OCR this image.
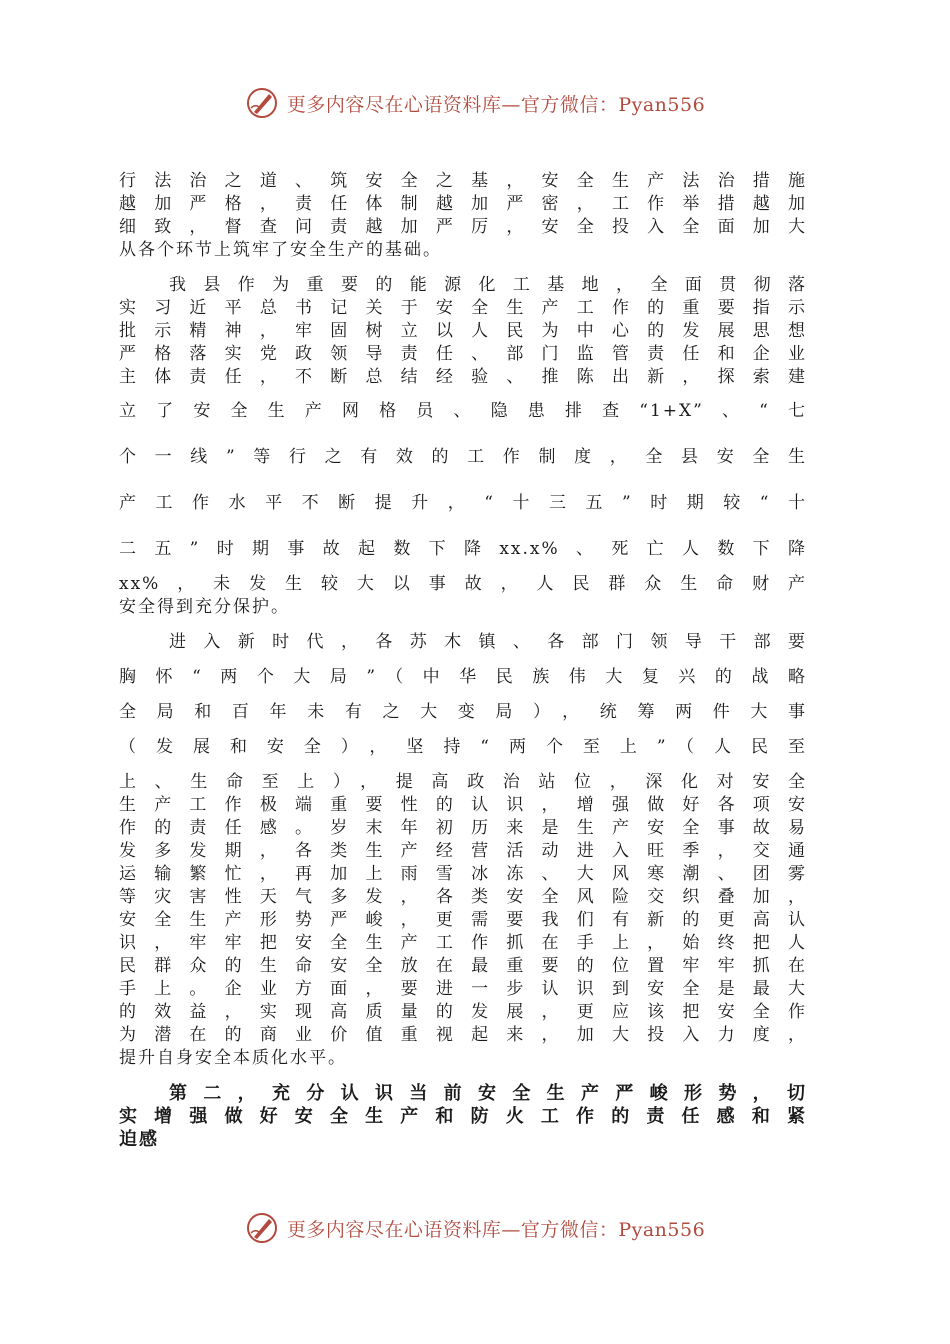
更多内容尽在心语资料库—官方微信：Pyan556
行法治之道、筑安全之基，安全生产法治措施
越加严格，责任体制越加严密，工作举措越加
细致，督查问责越加严厉，安全投入全面加大
从各个环节上筑牢了安全生产的基础。
我县作为重要的能源化工基地，全面贯彻落
实习近平总书记关于安全生产工作的重要指示
批示精神，牢固树立以人民为中心的发展思想
严格落实党政领导责任、部门监管责任和企业
主体责任，不断总结经验、推陈出新，探索建
立了安全生产网格员、隐患排查“1+X”、“七
个一线”等行之有效的工作制度，全县安全生
产工作水平不断提升，“十三五”时期较“十
二五”时期事故起数下降xx.x%、死亡人数下降
xx%，未发生较大以事故，人民群众生命财产
安全得到充分保护。
进入新时代，各苏木镇、各部门领导干部要
胸怀“两个大局”（中华民族伟大复兴的战略
全局和百年未有之大变局），统筹两件大事
（发展和安全），坚持“两个至上”（人民至
上、生命至上），提高政治站位，深化对安全
生产工作极端重要性的认识，增强做好各项安
作的责任感。岁末年初历来是生产安全事故易
发多发期，各类生产经营活动进入旺季，交通
运输繁忙，再加上雨雪冰冻、大风寒潮、团雾
等灾害性天气多发，各类安全风险交织叠加，
安全生产形势严峻，更需要我们有新的更高认
识，牢牢把安全生产工作抓在手上，始终把人
民群众的生命安全放在最重要的位置牢牢抓在
手上。企业方面，要进一步认识到安全是最大
的效益，实现高质量的发展，更应该把安全作
为潜在的商业价值重视起来，加大投入力度，
提升自身安全本质化水平。
第二，充分认识当前安全生产严峻形势，切
实增强做好安全生产和防火工作的责任感和紧
迫感
更多内容尽在心语资料库—官方微信：Pyan556
